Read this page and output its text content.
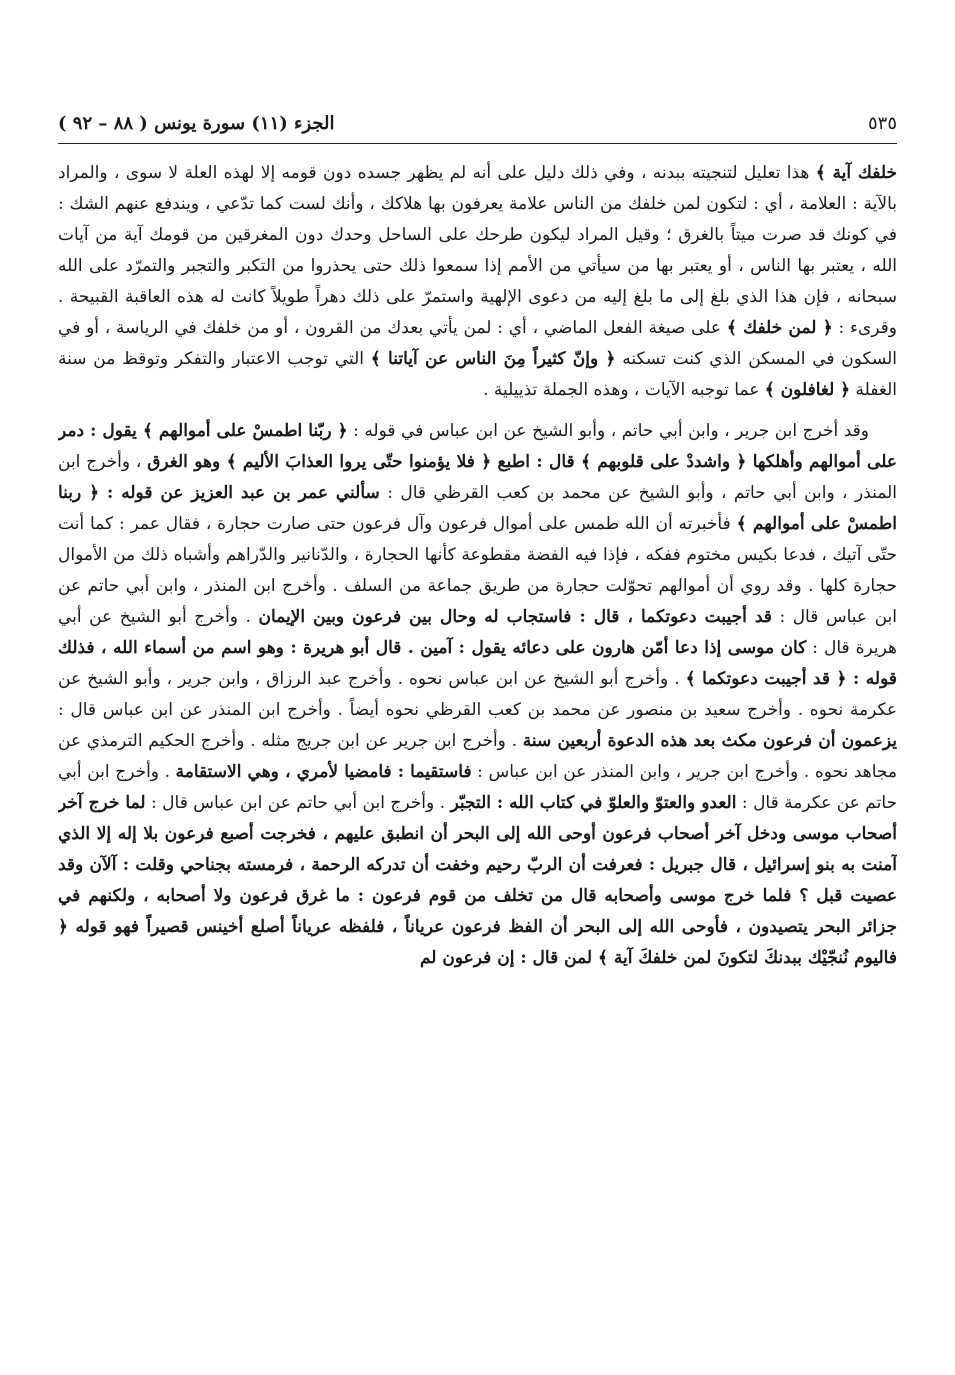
الجزء (١١) سورة يونس ( ٨٨ – ٩٢ )	٥٣٥

خلفك آية ﴾ هذا تعليل لتنجيته ببدنه ، وفي ذلك دليل على أنه لم يظهر جسده دون قومه إلا لهذه العلة لا سوى ، والمراد بالآية : العلامة ، أي : لتكون لمن خلفك من الناس علامة يعرفون بها هلاكك ، وأنك لست كما تدّعي ، ويندفع عنهم الشك : في كونك قد صرت ميتاً بالغرق ؛ وقيل المراد ليكون طرحك على الساحل وحدك دون المغرقين من قومك آية من آيات الله ، يعتبر بها الناس ، أو يعتبر بها من سيأتي من الأمم إذا سمعوا ذلك حتى يحذروا من التكبر والتجبر والتمرّد على الله سبحانه ، فإن هذا الذي بلغ إلى ما بلغ إليه من دعوى الإلهية واستمرّ على ذلك دهراً طويلاً كانت له هذه العاقبة القبيحة . وقرىء : ﴿ لمن خلفك ﴾ على صيغة الفعل الماضي ، أي : لمن يأتي بعدك من القرون ، أو من خلفك في الرياسة ، أو في السكون في المسكن الذي كنت تسكنه ﴿ وإنّ كثيراً مِنَ الناس عن آياتنا ﴾ التي توجب الاعتبار والتفكر وتوقظ من سنة الغفلة ﴿ لغافلون ﴾ عما توجبه الآيات ، وهذه الجملة تذييلية .

وقد أخرج ابن جرير ، وابن أبي حاتم ، وأبو الشيخ عن ابن عباس في قوله : ﴿ ربّنا اطمسْ على أموالهم ﴾ يقول : دمر على أموالهم وأهلكها ﴿ واشددْ على قلوبهم ﴾ قال : اطبع ﴿ فلا يؤمنوا حتّى يروا العذابَ الأليم ﴾ وهو الغرق ، وأخرج ابن المنذر ، وابن أبي حاتم ، وأبو الشيخ عن محمد بن كعب القرظي قال : سألني عمر بن عبد العزيز عن قوله : ﴿ ربنا اطمسْ على أموالهم ﴾ فأخبرته أن الله طمس على أموال فرعون وآل فرعون حتى صارت حجارة ، فقال عمر : كما أنت حتّى آتيك ، فدعا بكيس مختوم ففكه ، فإذا فيه الفضة مقطوعة كأنها الحجارة ، والدّنانير والدّراهم وأشباه ذلك من الأموال حجارة كلها . وقد روي أن أموالهم تحوّلت حجارة من طريق جماعة من السلف . وأخرج ابن المنذر ، وابن أبي حاتم عن ابن عباس قال : قد أجيبت دعوتكما ، قال : فاستجاب له وحال بين فرعون وبين الإيمان . وأخرج أبو الشيخ عن أبي هريرة قال : كان موسى إذا دعا أمّن هارون على دعائه يقول : آمين . قال أبو هريرة : وهو اسم من أسماء الله ، فذلك قوله : ﴿ قد أجيبت دعوتكما ﴾ . وأخرج أبو الشيخ عن ابن عباس نحوه . وأخرج عبد الرزاق ، وابن جرير ، وأبو الشيخ عن عكرمة نحوه . وأخرج سعيد بن منصور عن محمد بن كعب القرظي نحوه أيضاً . وأخرج ابن المنذر عن ابن عباس قال : يزعمون أن فرعون مكث بعد هذه الدعوة أربعين سنة . وأخرج ابن جرير عن ابن جريج مثله . وأخرج الحكيم الترمذي عن مجاهد نحوه . وأخرج ابن جرير ، وابن المنذر عن ابن عباس : فاستقيما : فامضيا لأمري ، وهي الاستقامة . وأخرج ابن أبي حاتم عن عكرمة قال : العدو والعتوّ والعلوّ في كتاب الله : التجبّر . وأخرج ابن أبي حاتم عن ابن عباس قال : لما خرج آخر أصحاب موسى ودخل آخر أصحاب فرعون أوحى الله إلى البحر أن انطبق عليهم ، فخرجت أصبع فرعون بلا إله إلا الذي آمنت به بنو إسرائيل ، قال جبريل : فعرفت أن الربّ رحيم وخفت أن تدركه الرحمة ، فرمسته بجناحي وقلت : آلآن وقد عصيت قبل ؟ فلما خرج موسى وأصحابه قال من تخلف من قوم فرعون : ما غرق فرعون ولا أصحابه ، ولكنهم في جزائر البحر يتصيدون ، فأوحى الله إلى البحر أن الفظ فرعون عرياناً ، فلفظه عرياناً أصلع أخينس قصيراً فهو قوله ﴿ فاليوم نُنجّيْك ببدنكَ لتكونَ لمن خلفكَ آية ﴾ لمن قال : إن فرعون لم
